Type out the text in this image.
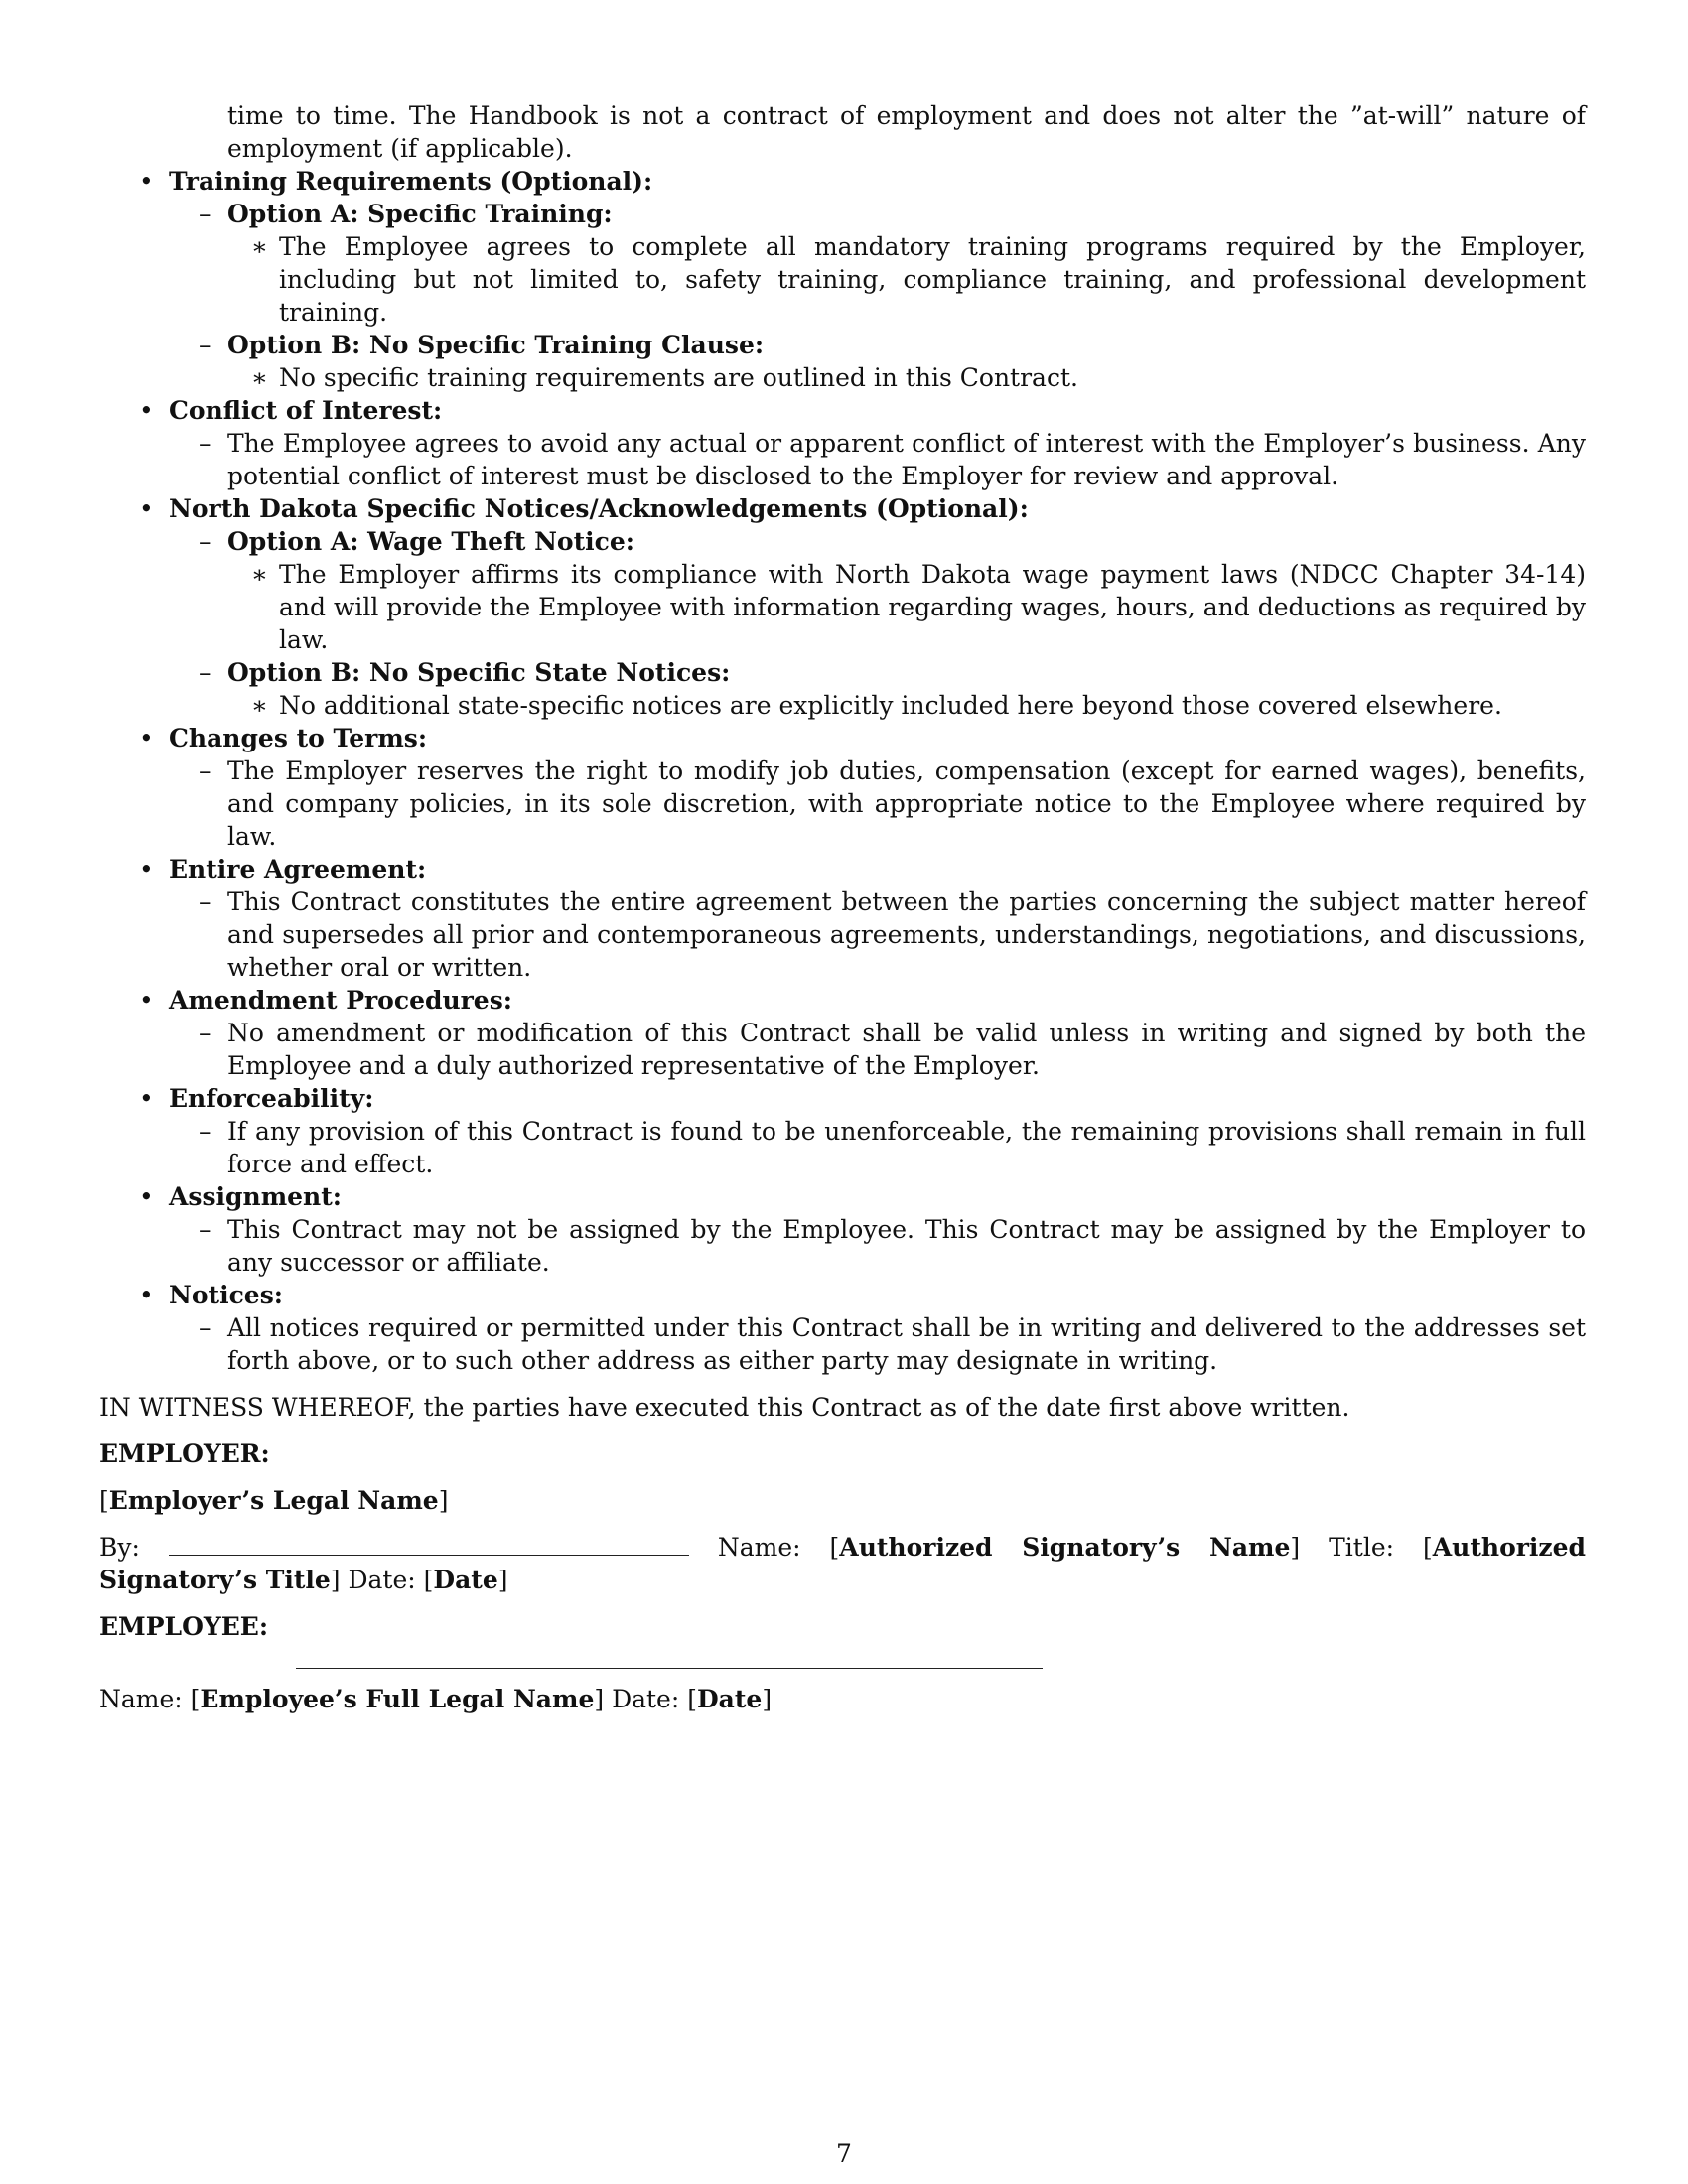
time to time. The Handbook is not a contract of employment and does not alter the ”at-will” nature of employment (if applicable).
• Training Requirements (Optional):
– Option A: Specific Training:
∗ The Employee agrees to complete all mandatory training programs required by the Employer, including but not limited to, safety training, compliance training, and professional development training.
– Option B: No Specific Training Clause:
∗ No specific training requirements are outlined in this Contract.
• Conflict of Interest:
– The Employee agrees to avoid any actual or apparent conflict of interest with the Employer’s business. Any potential conflict of interest must be disclosed to the Employer for review and approval.
• North Dakota Specific Notices/Acknowledgements (Optional):
– Option A: Wage Theft Notice:
∗ The Employer affirms its compliance with North Dakota wage payment laws (NDCC Chapter 34-14) and will provide the Employee with information regarding wages, hours, and deductions as required by law.
– Option B: No Specific State Notices:
∗ No additional state-specific notices are explicitly included here beyond those covered elsewhere.
• Changes to Terms:
– The Employer reserves the right to modify job duties, compensation (except for earned wages), benefits, and company policies, in its sole discretion, with appropriate notice to the Employee where required by law.
• Entire Agreement:
– This Contract constitutes the entire agreement between the parties concerning the subject matter hereof and supersedes all prior and contemporaneous agreements, understandings, negotiations, and discussions, whether oral or written.
• Amendment Procedures:
– No amendment or modification of this Contract shall be valid unless in writing and signed by both the Employee and a duly authorized representative of the Employer.
• Enforceability:
– If any provision of this Contract is found to be unenforceable, the remaining provisions shall remain in full force and effect.
• Assignment:
– This Contract may not be assigned by the Employee. This Contract may be assigned by the Employer to any successor or affiliate.
• Notices:
– All notices required or permitted under this Contract shall be in writing and delivered to the addresses set forth above, or to such other address as either party may designate in writing.
IN WITNESS WHEREOF, the parties have executed this Contract as of the date first above written.
EMPLOYER:
[Employer’s Legal Name]
By:	Name: [Authorized Signatory’s Name] Title: [Authorized Signatory’s Title] Date: [Date]
EMPLOYEE:
Name: [Employee’s Full Legal Name] Date: [Date]
7
